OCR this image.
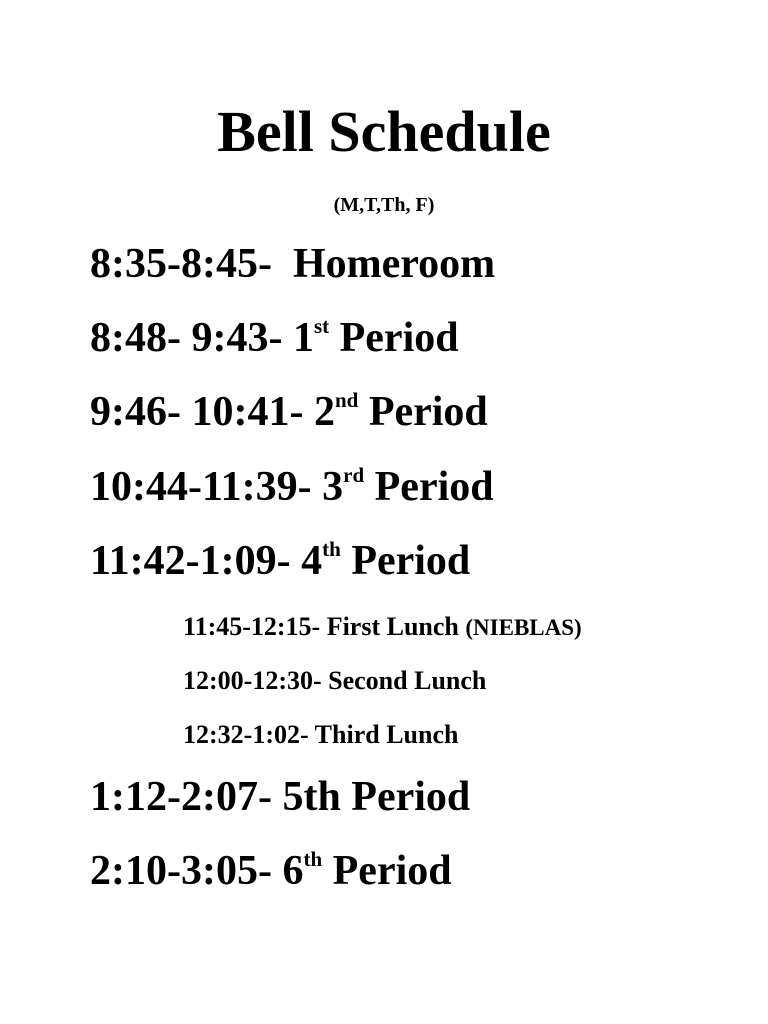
Bell Schedule
(M,T,Th, F)
8:35-8:45- Homeroom
8:48- 9:43- 1st Period
9:46- 10:41- 2nd Period
10:44-11:39- 3rd Period
11:42-1:09- 4th Period
11:45-12:15- First Lunch (NIEBLAS)
12:00-12:30- Second Lunch
12:32-1:02- Third Lunch
1:12-2:07- 5th Period
2:10-3:05- 6th Period
